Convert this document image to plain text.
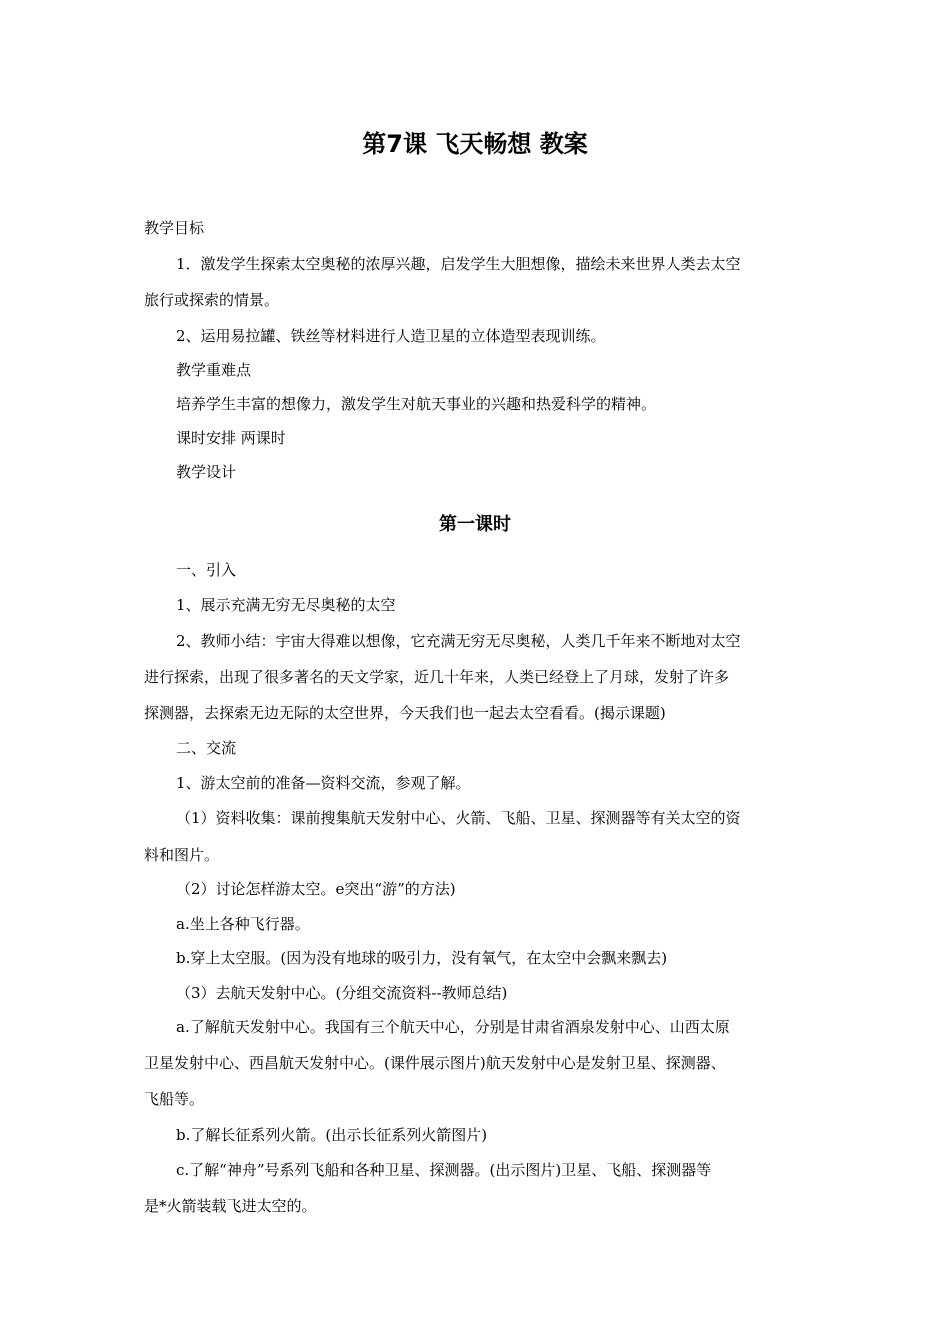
第7课 飞天畅想 教案
教学目标
1．激发学生探索太空奥秘的浓厚兴趣，启发学生大胆想像，描绘未来世界人类去太空
旅行或探索的情景。
2、运用易拉罐、铁丝等材料进行人造卫星的立体造型表现训练。
教学重难点
培养学生丰富的想像力，激发学生对航天事业的兴趣和热爱科学的精神。
课时安排 两课时
教学设计
第一课时
一、引入
1、展示充满无穷无尽奥秘的太空
2、教师小结：宇宙大得难以想像，它充满无穷无尽奥秘，人类几千年来不断地对太空
进行探索，出现了很多著名的天文学家，近几十年来，人类已经登上了月球，发射了许多
探测器，去探索无边无际的太空世界，今天我们也一起去太空看看。(揭示课题)
二、交流
1、游太空前的准备—资料交流，参观了解。
（1）资料收集：课前搜集航天发射中心、火箭、飞船、卫星、探测器等有关太空的资
料和图片。
（2）讨论怎样游太空。e突出“游”的方法)
a.坐上各种飞行器。
b.穿上太空服。(因为没有地球的吸引力，没有氧气，在太空中会飘来飘去)
（3）去航天发射中心。(分组交流资料--教师总结)
a.了解航天发射中心。我国有三个航天中心，分别是甘肃省酒泉发射中心、山西太原
卫星发射中心、西昌航天发射中心。(课件展示图片)航天发射中心是发射卫星、探测器、
飞船等。
b.了解长征系列火箭。(出示长征系列火箭图片)
c.了解“神舟”号系列飞船和各种卫星、探测器。(出示图片)卫星、飞船、探测器等
是*火箭装载飞进太空的。
